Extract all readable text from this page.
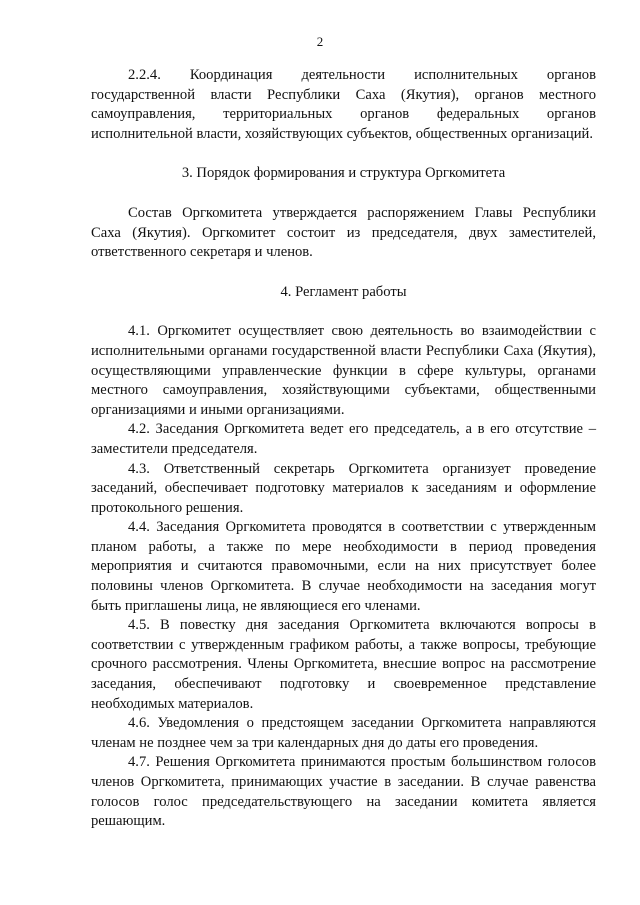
2

2.2.4. Координация деятельности исполнительных органов государственной власти Республики Саха (Якутия), органов местного самоуправления, территориальных органов федеральных органов исполнительной власти, хозяйствующих субъектов, общественных организаций.

3. Порядок формирования и структура Оргкомитета

Состав Оргкомитета утверждается распоряжением Главы Республики Саха (Якутия). Оргкомитет состоит из председателя, двух заместителей, ответственного секретаря и членов.

4. Регламент работы

4.1. Оргкомитет осуществляет свою деятельность во взаимодействии с исполнительными органами государственной власти Республики Саха (Якутия), осуществляющими управленческие функции в сфере культуры, органами местного самоуправления, хозяйствующими субъектами, общественными организациями и иными организациями.

4.2. Заседания Оргкомитета ведет его председатель, а в его отсутствие – заместители председателя.

4.3. Ответственный секретарь Оргкомитета организует проведение заседаний, обеспечивает подготовку материалов к заседаниям и оформление протокольного решения.

4.4. Заседания Оргкомитета проводятся в соответствии с утвержденным планом работы, а также по мере необходимости в период проведения мероприятия и считаются правомочными, если на них присутствует более половины членов Оргкомитета. В случае необходимости на заседания могут быть приглашены лица, не являющиеся его членами.

4.5. В повестку дня заседания Оргкомитета включаются вопросы в соответствии с утвержденным графиком работы, а также вопросы, требующие срочного рассмотрения. Члены Оргкомитета, внесшие вопрос на рассмотрение заседания, обеспечивают подготовку и своевременное представление необходимых материалов.

4.6. Уведомления о предстоящем заседании Оргкомитета направляются членам не позднее чем за три календарных дня до даты его проведения.

4.7. Решения Оргкомитета принимаются простым большинством голосов членов Оргкомитета, принимающих участие в заседании. В случае равенства голосов голос председательствующего на заседании комитета является решающим.
